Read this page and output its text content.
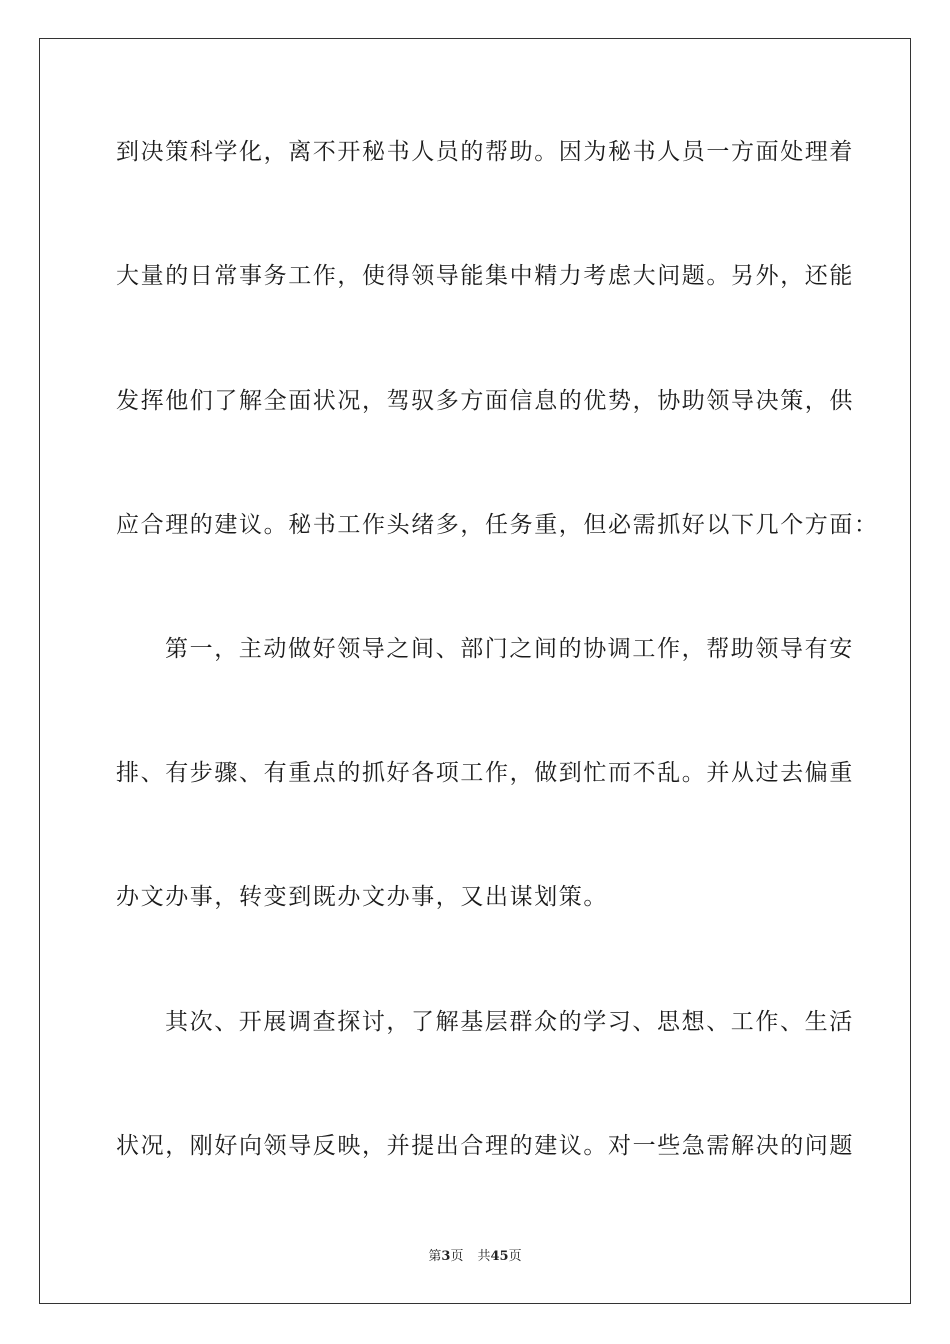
到决策科学化，离不开秘书人员的帮助。因为秘书人员一方面处理着
大量的日常事务工作，使得领导能集中精力考虑大问题。另外，还能
发挥他们了解全面状况，驾驭多方面信息的优势，协助领导决策，供
应合理的建议。秘书工作头绪多，任务重，但必需抓好以下几个方面：
第一，主动做好领导之间、部门之间的协调工作，帮助领导有安
排、有步骤、有重点的抓好各项工作，做到忙而不乱。并从过去偏重
办文办事，转变到既办文办事，又出谋划策。
其次、开展调查探讨，了解基层群众的学习、思想、工作、生活
状况，刚好向领导反映，并提出合理的建议。对一些急需解决的问题
第3页 共45页
